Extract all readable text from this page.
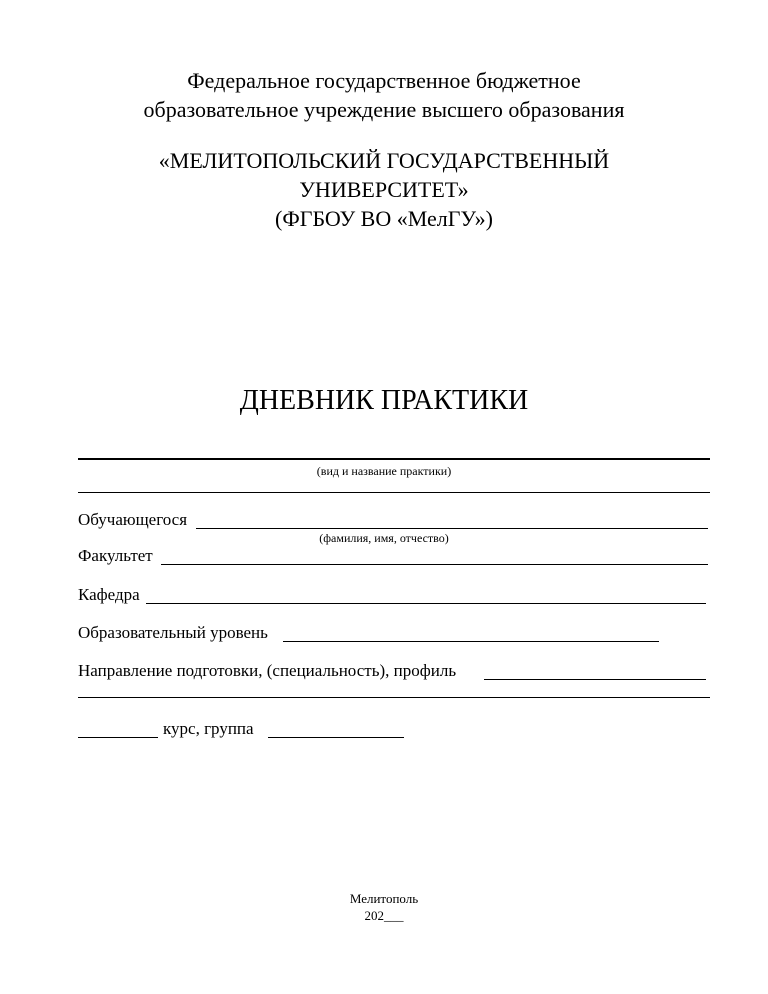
Федеральное государственное бюджетное
образовательное учреждение высшего образования
«МЕЛИТОПОЛЬСКИЙ ГОСУДАРСТВЕННЫЙ
УНИВЕРСИТЕТ»
(ФГБОУ ВО «МелГУ»)
ДНЕВНИК ПРАКТИКИ
(вид и название практики)
Обучающегося
(фамилия, имя, отчество)
Факультет
Кафедра
Образовательный уровень
Направление подготовки, (специальность), профиль
курс, группа
Мелитополь
202___
